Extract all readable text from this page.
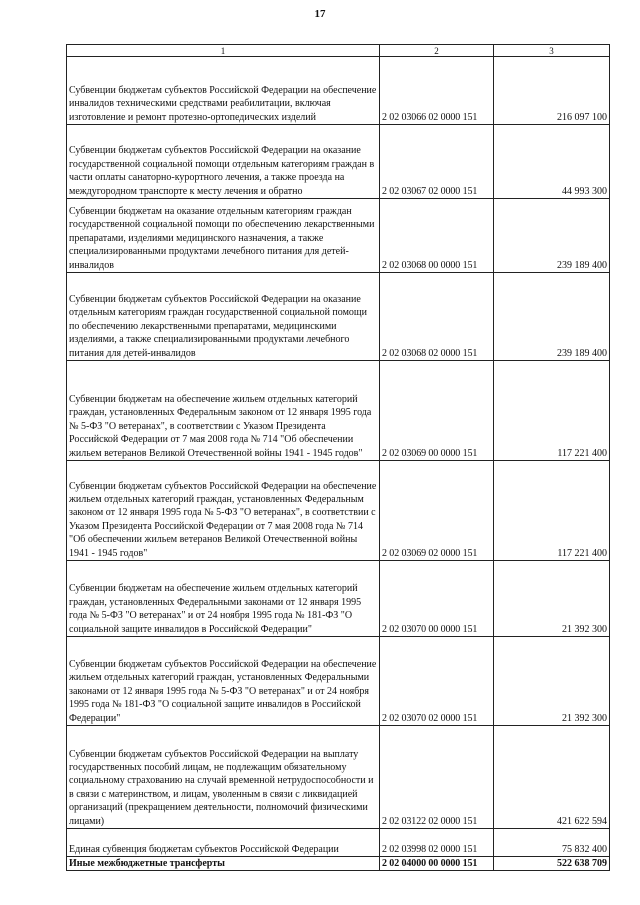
17
1	2	3
Субвенции бюджетам субъектов Российской Федерации на обеспечение инвалидов техническими средствами реабилитации, включая изготовление и ремонт протезно-ортопедических изделий	2 02 03066 02 0000 151	216 097 100
Субвенции бюджетам субъектов Российской Федерации на оказание государственной социальной помощи отдельным категориям граждан в части оплаты санаторно-курортного лечения, а также проезда на междугородном транспорте к месту лечения и обратно	2 02 03067 02 0000 151	44 993 300
Субвенции бюджетам на оказание отдельным категориям граждан государственной социальной помощи по обеспечению лекарственными препаратами, изделиями медицинского назначения, а также специализированными продуктами лечебного питания для детей-инвалидов	2 02 03068 00 0000 151	239 189 400
Субвенции бюджетам субъектов Российской Федерации на оказание отдельным категориям граждан государственной социальной помощи по обеспечению лекарственными препаратами, медицинскими изделиями, а также специализированными продуктами лечебного питания для детей-инвалидов	2 02 03068 02 0000 151	239 189 400
Субвенции бюджетам на обеспечение жильем отдельных категорий граждан, установленных Федеральным законом от 12 января 1995 года № 5-ФЗ "О ветеранах", в соответствии с Указом Президента Российской Федерации от 7 мая 2008 года № 714 "Об обеспечении жильем ветеранов Великой Отечественной войны 1941 - 1945 годов"	2 02 03069 00 0000 151	117 221 400
Субвенции бюджетам субъектов Российской Федерации на обеспечение жильем отдельных категорий граждан, установленных Федеральным законом от 12 января 1995 года № 5-ФЗ "О ветеранах", в соответствии с Указом Президента Российской Федерации от 7 мая 2008 года № 714 "Об обеспечении жильем ветеранов Великой Отечественной войны 1941 - 1945 годов"	2 02 03069 02 0000 151	117 221 400
Субвенции бюджетам на обеспечение жильем отдельных категорий граждан, установленных Федеральными законами от 12 января 1995 года № 5-ФЗ "О ветеранах" и от 24 ноября 1995 года № 181-ФЗ "О социальной защите инвалидов в Российской Федерации"	2 02 03070 00 0000 151	21 392 300
Субвенции бюджетам субъектов Российской Федерации на обеспечение жильем отдельных категорий граждан, установленных Федеральными законами от 12 января 1995 года № 5-ФЗ "О ветеранах" и от 24 ноября 1995 года № 181-ФЗ "О социальной защите инвалидов в Российской Федерации"	2 02 03070 02 0000 151	21 392 300
Субвенции бюджетам субъектов Российской Федерации на выплату государственных пособий лицам, не подлежащим обязательному социальному страхованию на случай временной нетрудоспособности и в связи с материнством, и лицам, уволенным в связи с ликвидацией организаций (прекращением деятельности, полномочий физическими лицами)	2 02 03122 02 0000 151	421 622 594
Единая субвенция бюджетам субъектов Российской Федерации	2 02 03998 02 0000 151	75 832 400
Иные межбюджетные трансферты	2 02 04000 00 0000 151	522 638 709
